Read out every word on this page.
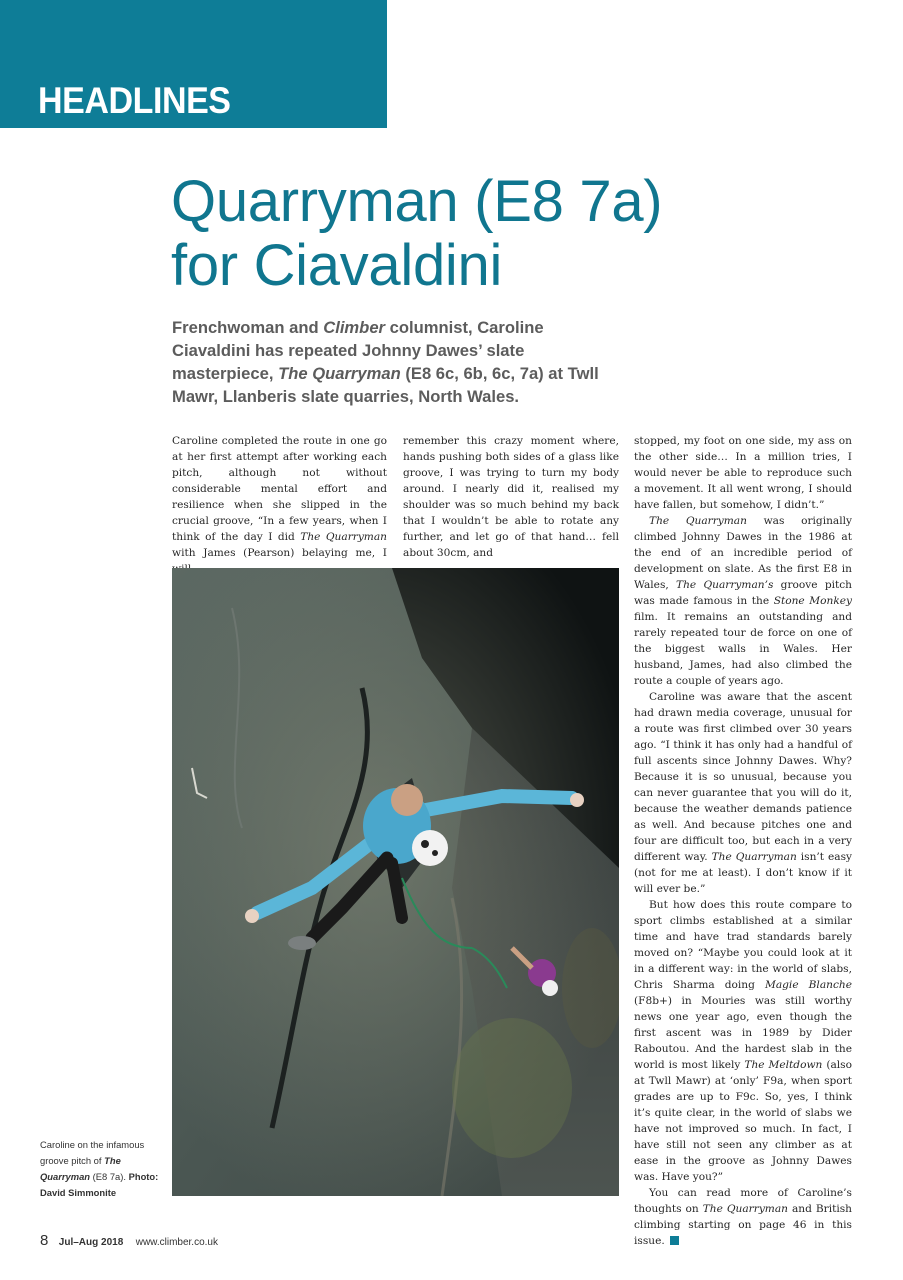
HEADLINES
Quarryman (E8 7a)
for Ciavaldini

Frenchwoman and Climber columnist, Caroline Ciavaldini has repeated Johnny Dawes’ slate masterpiece, The Quarryman (E8 6c, 6b, 6c, 7a) at Twll Mawr, Llanberis slate quarries, North Wales.

Caroline completed the route in one go at her first attempt after working each pitch, although not without considerable mental effort and resilience when she slipped in the crucial groove, “In a few years, when I think of the day I did The Quarryman with James (Pearson) belaying me, I

remember this crazy moment where, hands pushing both sides of a glass like groove, I was trying to turn my body around. I nearly did it, realised my shoulder was so much behind my back that I wouldn’t be able to rotate any further, and let go of that hand… fell about 30cm, and

stopped, my foot on one side, my ass on the other side… In a million tries, I would never be able to reproduce such a movement. It all went wrong, I should have fallen, but somehow, I didn’t.”

The Quarryman was originally climbed Johnny Dawes in the 1986 at the end of an incredible period of development on slate. As the first E8 in Wales, The Quarryman’s groove pitch was made famous in the Stone Monkey film. It remains an outstanding and rarely repeated tour de force on one of the biggest walls in Wales. Her husband, James, had also climbed the route a couple of years ago.

Caroline was aware that the ascent had drawn media coverage, unusual for a route was first climbed over 30 years ago. “I think it has only had a handful of full ascents since Johnny Dawes. Why? Because it is so unusual, because you can never guarantee that you will do it, because the weather demands patience as well. And because pitches one and four are difficult too, but each in a very different way. The Quarryman isn’t easy (not for me at least). I don’t know if it will ever be.”

But how does this route compare to sport climbs established at a similar time and have trad standards barely moved on? “Maybe you could look at it in a different way: in the world of slabs, Chris Sharma doing Magie Blanche (F8b+) in Mouries was still worthy news one year ago, even though the first ascent was in 1989 by Dider Raboutou. And the hardest slab in the world is most likely The Meltdown (also at Twll Mawr) at ‘only’ F9a, when sport grades are up to F9c. So, yes, I think it’s quite clear, in the world of slabs we have not improved so much. In fact, I have still not seen any climber as at ease in the groove as Johnny Dawes was. Have you?”

You can read more of Caroline’s thoughts on The Quarryman and British climbing starting on page 46 in this issue.

Caroline on the infamous groove pitch of The Quarryman (E8 7a). Photo: David Simmonite
8 Jul–Aug 2018 www.climber.co.uk
